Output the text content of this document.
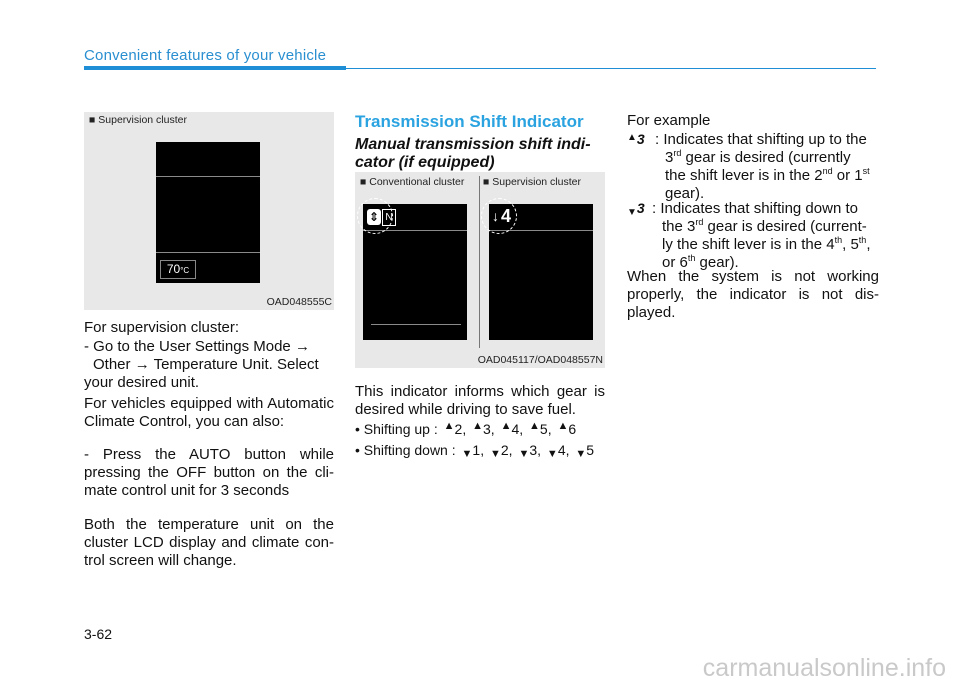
Convenient features of your vehicle
■ Supervision cluster
70°C
OAD048555C
For supervision cluster:
- Go to the User Settings Mode →
Other → Temperature Unit. Select your desired unit.
For vehicles equipped with Automatic Climate Control, you can also:
- Press the AUTO button while pressing the OFF button on the cli-mate control unit for 3 seconds
Both the temperature unit on the cluster LCD display and climate con-trol screen will change.
Transmission Shift Indicator
Manual transmission shift indi-cator (if equipped)
■ Conventional cluster ■ Supervision cluster
⇕ N	↓ 4
OAD045117/OAD048557N
This indicator informs which gear is desired while driving to save fuel.
• Shifting up : ▲2, ▲3, ▲4, ▲5, ▲6
• Shifting down : ▼1, ▼2, ▼3, ▼4, ▼5
For example
▲3 : Indicates that shifting up to the
3rd gear is desired (currently
the shift lever is in the 2nd or 1st
gear).
▼3 : Indicates that shifting down to
the 3rd gear is desired (current-
ly the shift lever is in the 4th, 5th,
or 6th gear).
When the system is not working properly, the indicator is not dis-played.
3-62
carmanualsonline.info
